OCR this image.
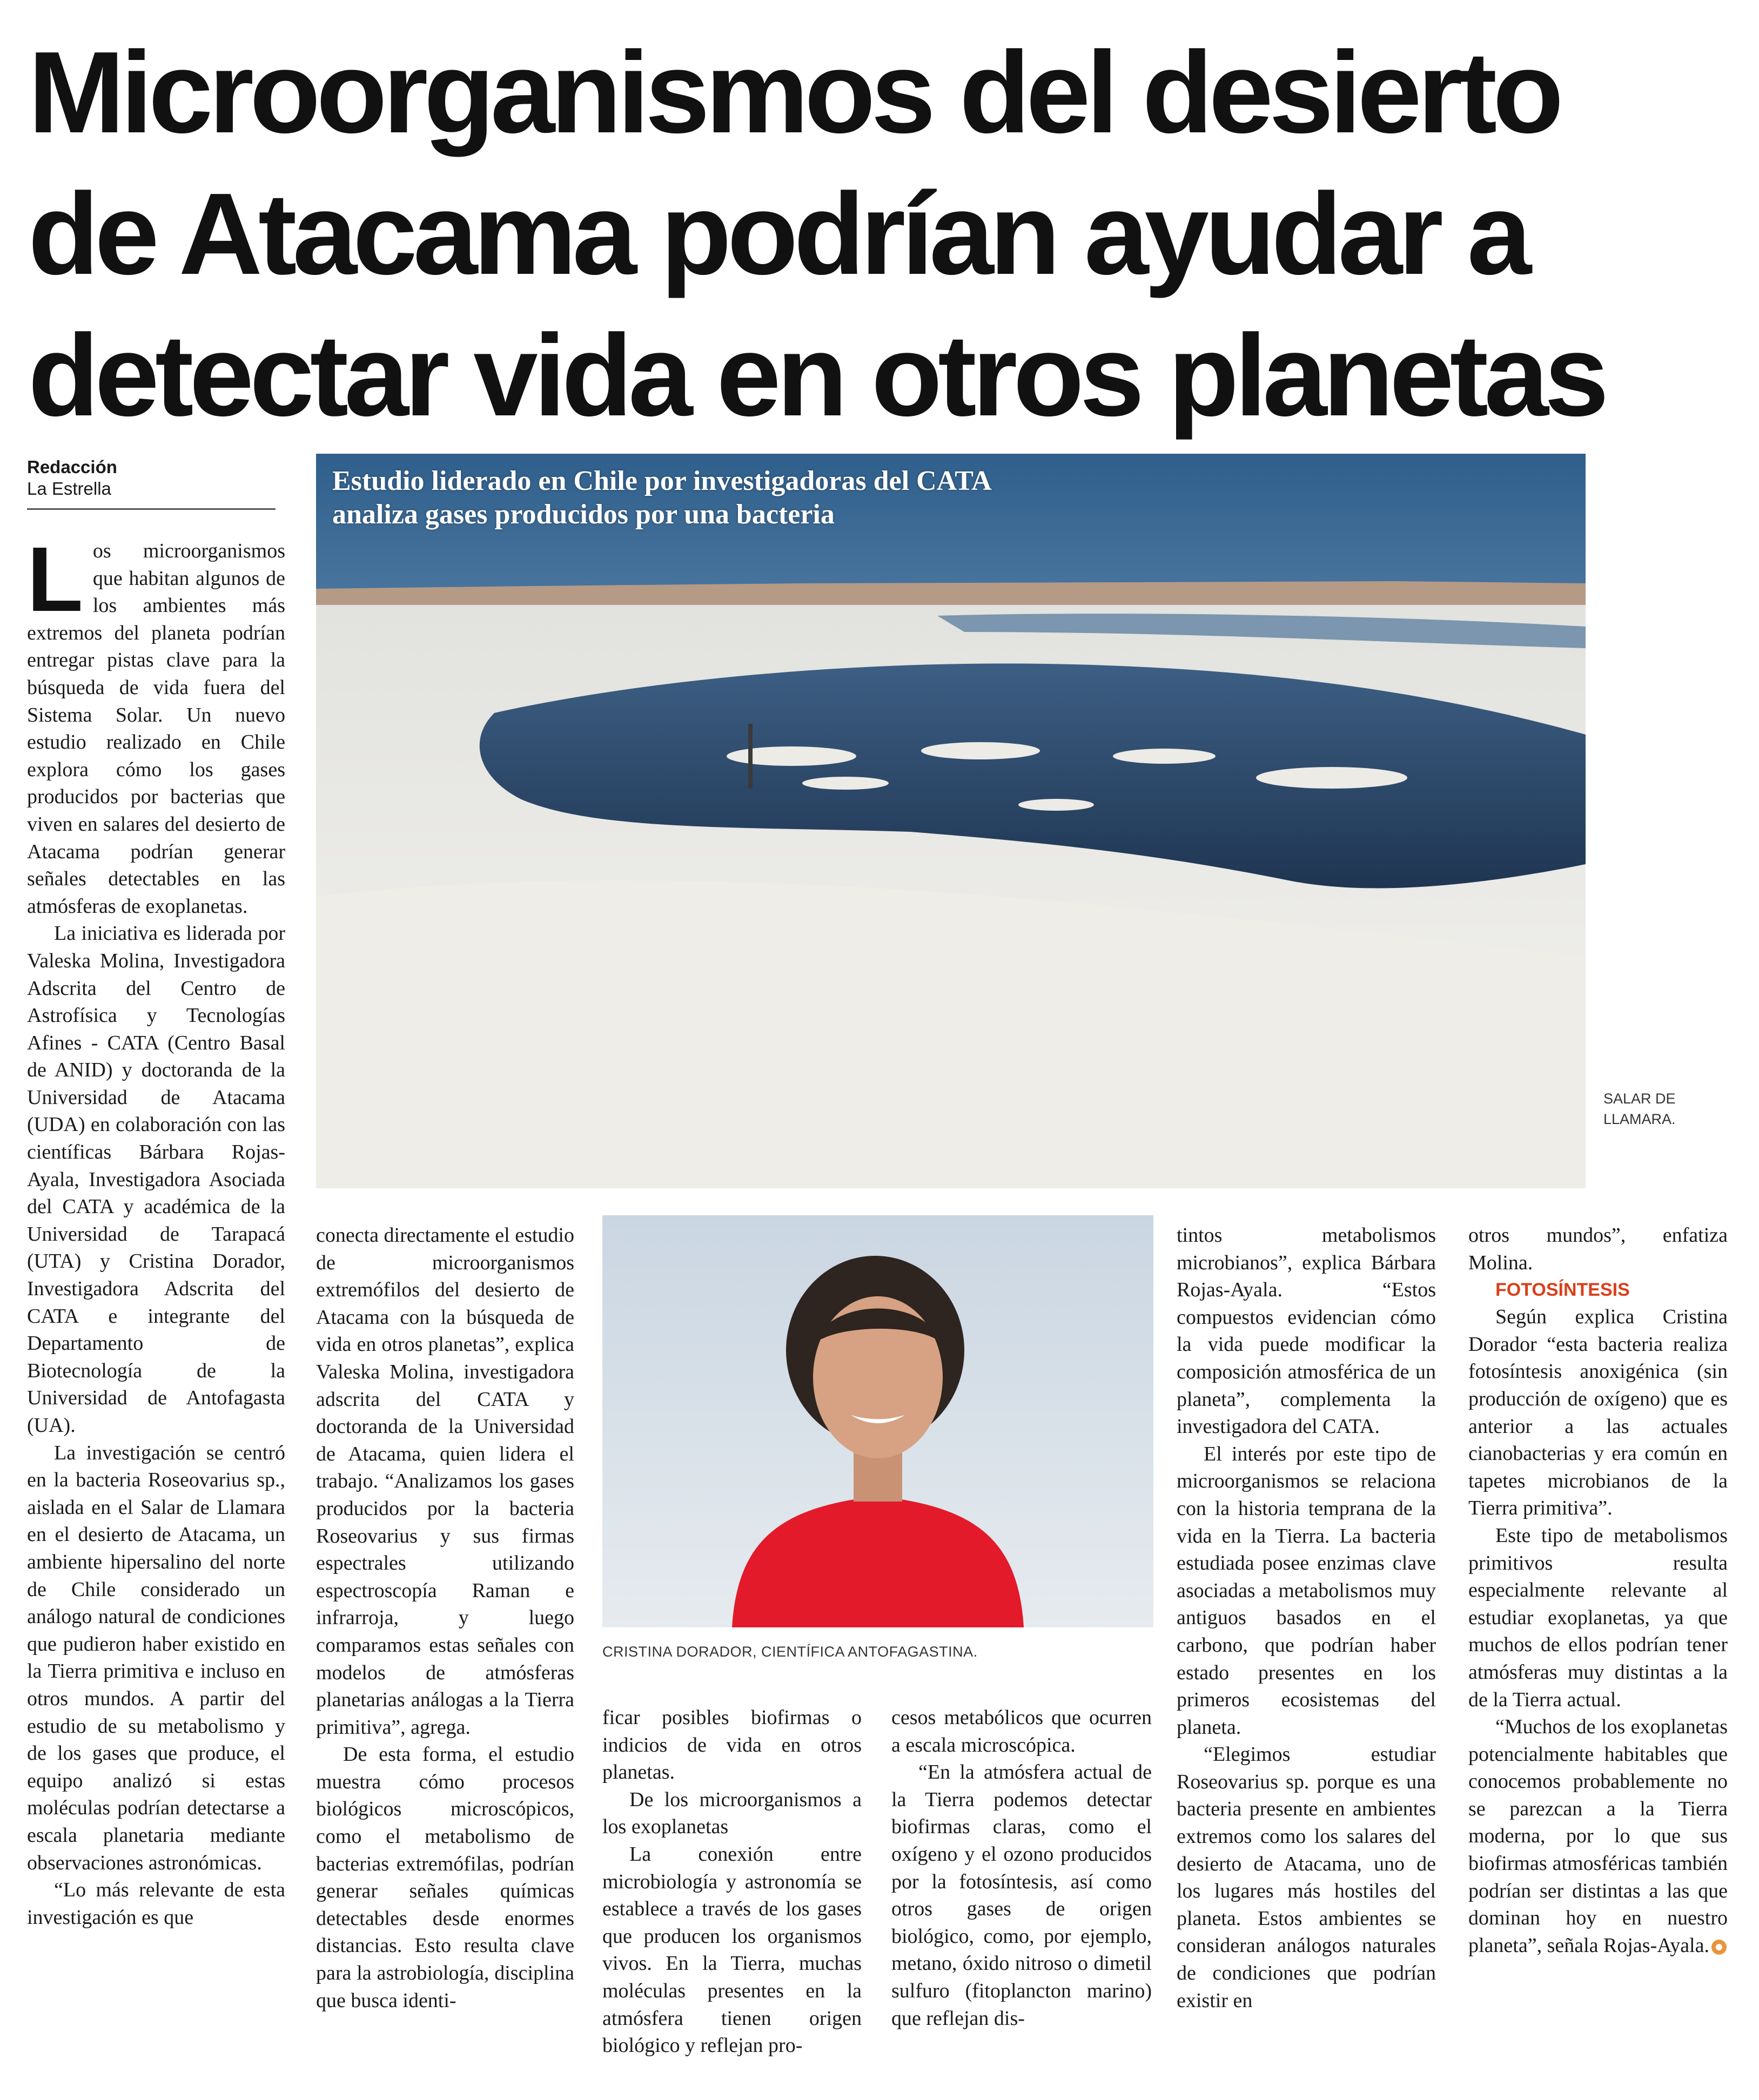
Microorganismos del desierto
de Atacama podrían ayudar a
detectar vida en otros planetas
Redacción
La Estrella	Estudio liderado en Chile por investigadoras del CATA analiza gases producidos por una bacteria
SALAR DE LLAMARA.
CRISTINA DORADOR, CIENTÍFICA ANTOFAGASTINA.

Los microorganismos que habitan algunos de los ambientes más extremos del planeta podrían entregar pistas clave para la búsqueda de vida fuera del Sistema Solar. Un nuevo estudio realizado en Chile explora cómo los gases producidos por bacterias que viven en salares del desierto de Atacama podrían generar señales detectables en las atmósferas de exoplanetas.

La iniciativa es liderada por Valeska Molina, Investigadora Adscrita del Centro de Astrofísica y Tecnologías Afines - CATA (Centro Basal de ANID) y doctoranda de la Universidad de Atacama (UDA) en colaboración con las científicas Bárbara Rojas-Ayala, Investigadora Asociada del CATA y académica de la Universidad de Tarapacá (UTA) y Cristina Dorador, Investigadora Adscrita del CATA e integrante del Departamento de Biotecnología de la Universidad de Antofagasta (UA).

La investigación se centró en la bacteria Roseovarius sp., aislada en el Salar de Llamara en el desierto de Atacama, un ambiente hipersalino del norte de Chile considerado un análogo natural de condiciones que pudieron haber existido en la Tierra primitiva e incluso en otros mundos. A partir del estudio de su metabolismo y de los gases que produce, el equipo analizó si estas moléculas podrían detectarse a escala planetaria mediante observaciones astronómicas.

“Lo más relevante de esta investigación es que

conecta directamente el estudio de microorganismos extremófilos del desierto de Atacama con la búsqueda de vida en otros planetas”, explica Valeska Molina, investigadora adscrita del CATA y doctoranda de la Universidad de Atacama, quien lidera el trabajo. “Analizamos los gases producidos por la bacteria Roseovarius y sus firmas espectrales utilizando espectroscopía Raman e infrarroja, y luego comparamos estas señales con modelos de atmósferas planetarias análogas a la Tierra primitiva”, agrega.

De esta forma, el estudio muestra cómo procesos biológicos microscópicos, como el metabolismo de bacterias extremófilas, podrían generar señales químicas detectables desde enormes distancias. Esto resulta clave para la astrobiología, disciplina que busca identi-

ficar posibles biofirmas o indicios de vida en otros planetas.

De los microorganismos a los exoplanetas

La conexión entre microbiología y astronomía se establece a través de los gases que producen los organismos vivos. En la Tierra, muchas moléculas presentes en la atmósfera tienen origen biológico y reflejan pro-

cesos metabólicos que ocurren a escala microscópica.

“En la atmósfera actual de la Tierra podemos detectar biofirmas claras, como el oxígeno y el ozono producidos por la fotosíntesis, así como otros gases de origen biológico, como, por ejemplo, metano, óxido nitroso o dimetil sulfuro (fitoplancton marino) que reflejan dis-

tintos metabolismos microbianos”, explica Bárbara Rojas-Ayala. “Estos compuestos evidencian cómo la vida puede modificar la composición atmosférica de un planeta”, complementa la investigadora del CATA.

El interés por este tipo de microorganismos se relaciona con la historia temprana de la vida en la Tierra. La bacteria estudiada posee enzimas clave asociadas a metabolismos muy antiguos basados en el carbono, que podrían haber estado presentes en los primeros ecosistemas del planeta.

“Elegimos estudiar Roseovarius sp. porque es una bacteria presente en ambientes extremos como los salares del desierto de Atacama, uno de los lugares más hostiles del planeta. Estos ambientes se consideran análogos naturales de condiciones que podrían existir en

otros mundos”, enfatiza Molina.

FOTOSÍNTESIS

Según explica Cristina Dorador “esta bacteria realiza fotosíntesis anoxigénica (sin producción de oxígeno) que es anterior a las actuales cianobacterias y era común en tapetes microbianos de la Tierra primitiva”.

Este tipo de metabolismos primitivos resulta especialmente relevante al estudiar exoplanetas, ya que muchos de ellos podrían tener atmósferas muy distintas a la de la Tierra actual.

“Muchos de los exoplanetas potencialmente habitables que conocemos probablemente no se parezcan a la Tierra moderna, por lo que sus biofirmas atmosféricas también podrían ser distintas a las que dominan hoy en nuestro planeta”, señala Rojas-Ayala.
